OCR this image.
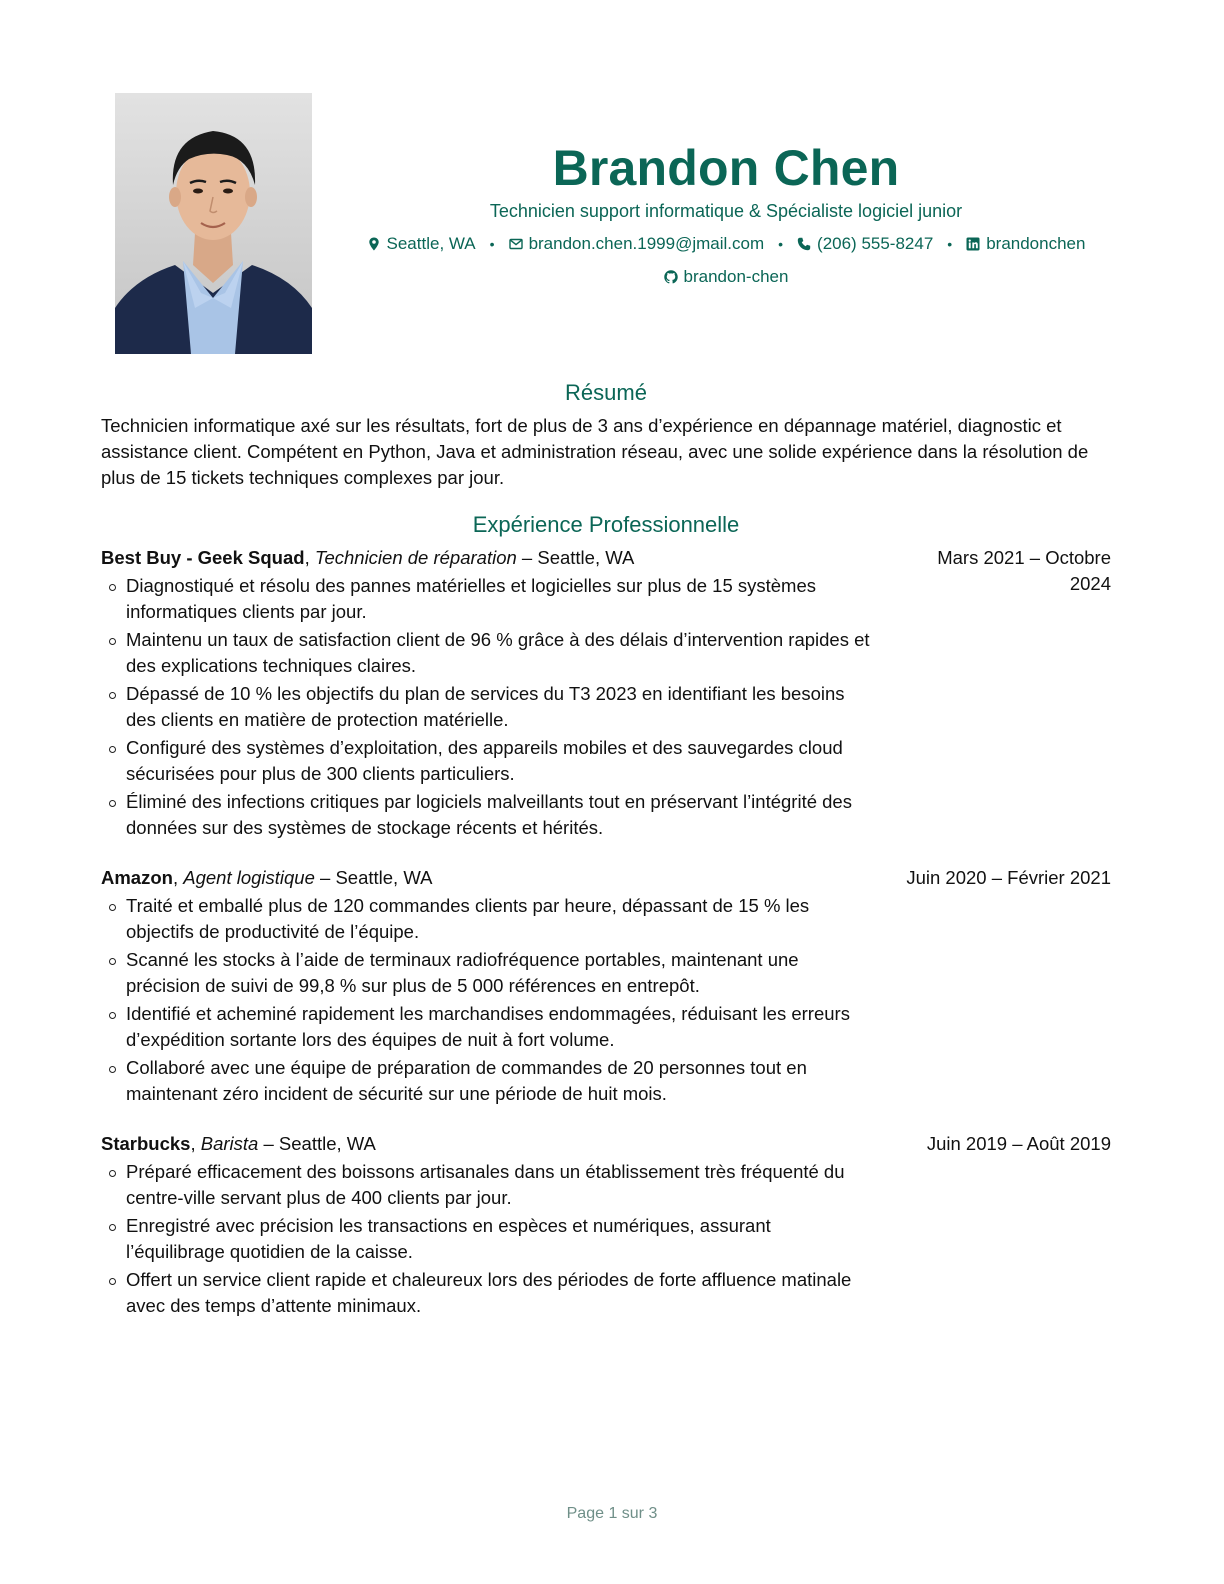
Brandon Chen
Technicien support informatique & Spécialiste logiciel junior
Seattle, WA • brandon.chen.1999@jmail.com • (206) 555-8247 • brandonchen
brandon-chen
Résumé
Technicien informatique axé sur les résultats, fort de plus de 3 ans d’expérience en dépannage matériel, diagnostic et assistance client. Compétent en Python, Java et administration réseau, avec une solide expérience dans la résolution de plus de 15 tickets techniques complexes par jour.
Expérience Professionnelle
Best Buy - Geek Squad, Technicien de réparation – Seattle, WA	Mars 2021 – Octobre 2024
Diagnostiqué et résolu des pannes matérielles et logicielles sur plus de 15 systèmes informatiques clients par jour.
Maintenu un taux de satisfaction client de 96 % grâce à des délais d’intervention rapides et des explications techniques claires.
Dépassé de 10 % les objectifs du plan de services du T3 2023 en identifiant les besoins des clients en matière de protection matérielle.
Configuré des systèmes d’exploitation, des appareils mobiles et des sauvegardes cloud sécurisées pour plus de 300 clients particuliers.
Éliminé des infections critiques par logiciels malveillants tout en préservant l’intégrité des données sur des systèmes de stockage récents et hérités.
Amazon, Agent logistique – Seattle, WA	Juin 2020 – Février 2021
Traité et emballé plus de 120 commandes clients par heure, dépassant de 15 % les objectifs de productivité de l’équipe.
Scanné les stocks à l’aide de terminaux radiofréquence portables, maintenant une précision de suivi de 99,8 % sur plus de 5 000 références en entrepôt.
Identifié et acheminé rapidement les marchandises endommagées, réduisant les erreurs d’expédition sortante lors des équipes de nuit à fort volume.
Collaboré avec une équipe de préparation de commandes de 20 personnes tout en maintenant zéro incident de sécurité sur une période de huit mois.
Starbucks, Barista – Seattle, WA	Juin 2019 – Août 2019
Préparé efficacement des boissons artisanales dans un établissement très fréquenté du centre-ville servant plus de 400 clients par jour.
Enregistré avec précision les transactions en espèces et numériques, assurant l’équilibrage quotidien de la caisse.
Offert un service client rapide et chaleureux lors des périodes de forte affluence matinale avec des temps d’attente minimaux.
Page 1 sur 3
